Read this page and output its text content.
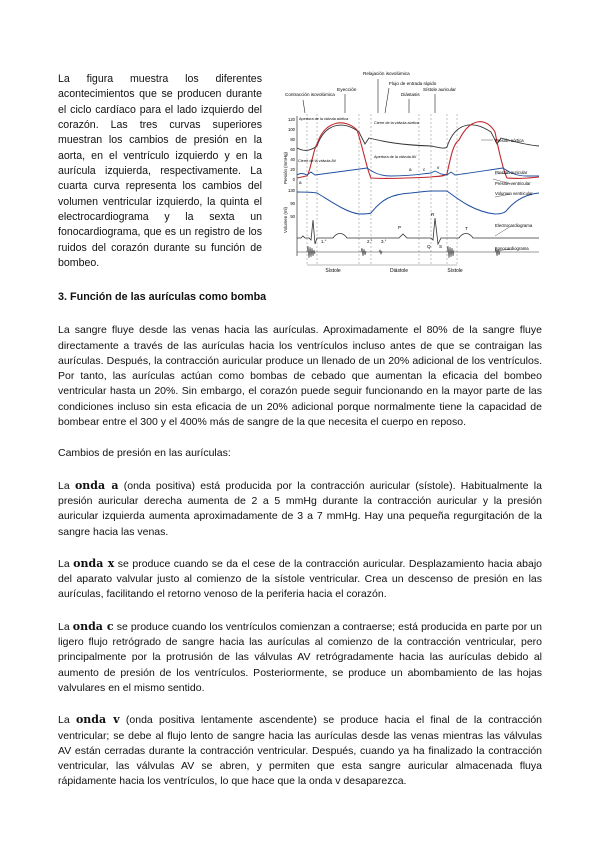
La figura muestra los diferentes acontecimientos que se producen durante el ciclo cardíaco para el lado izquierdo del corazón. Las tres curvas superiores muestran los cambios de presión en la aorta, en el ventrículo izquierdo y en la aurícula izquierda, respectivamente. La cuarta curva representa los cambios del volumen ventricular izquierdo, la quinta el electrocardiograma y la sexta un fonocardiograma, que es un registro de los ruidos del corazón durante su función de bombeo.
Contracción isovolúmica
Eyección
Relajación isovolúmica
Flujo de entrada rápido
Diástasis
Sístole auricular
Presión (mmHg)
Volumen (ml)
120
100
80
60
40
20
0
130
90
50
a
a c	v
P
Q
R
S
T
1.°	2.° 3.°
Apertura de la válvula aórtica
Cierre de la válvula aórtica
Cierre de la válvula AV
Apertura de la válvula AV
Presión aórtica
Presión auricular
Presión ventricular
Volumen ventricular
Electrocardiograma
Fonocardiograma
Sístole	Diástole	Sístole
3. Función de las aurículas como bomba

La sangre fluye desde las venas hacia las aurículas. Aproximadamente el 80% de la sangre fluye directamente a través de las aurículas hacia los ventrículos incluso antes de que se contraigan las aurículas. Después, la contracción auricular produce un llenado de un 20% adicional de los ventrículos. Por tanto, las aurículas actúan como bombas de cebado que aumentan la eficacia del bombeo ventricular hasta un 20%. Sin embargo, el corazón puede seguir funcionando en la mayor parte de las condiciones incluso sin esta eficacia de un 20% adicional porque normalmente tiene la capacidad de bombear entre el 300 y el 400% más de sangre de la que necesita el cuerpo en reposo.

Cambios de presión en las aurículas:

La onda a (onda positiva) está producida por la contracción auricular (sístole). Habitualmente la presión auricular derecha aumenta de 2 a 5 mmHg durante la contracción auricular y la presión auricular izquierda aumenta aproximadamente de 3 a 7 mmHg. Hay una pequeña regurgitación de la sangre hacia las venas.

La onda x se produce cuando se da el cese de la contracción auricular. Desplazamiento hacia abajo del aparato valvular justo al comienzo de la sístole ventricular. Crea un descenso de presión en las aurículas, facilitando el retorno venoso de la periferia hacia el corazón.

La onda c se produce cuando los ventrículos comienzan a contraerse; está producida en parte por un ligero flujo retrógrado de sangre hacia las aurículas al comienzo de la contracción ventricular, pero principalmente por la protrusión de las válvulas AV retrógradamente hacia las aurículas debido al aumento de presión de los ventrículos. Posteriormente, se produce un abombamiento de las hojas valvulares en el mismo sentido.

La onda v (onda positiva lentamente ascendente) se produce hacia el final de la contracción ventricular; se debe al flujo lento de sangre hacia las aurículas desde las venas mientras las válvulas AV están cerradas durante la contracción ventricular. Después, cuando ya ha finalizado la contracción ventricular, las válvulas AV se abren, y permiten que esta sangre auricular almacenada fluya rápidamente hacia los ventrículos, lo que hace que la onda v desaparezca.
